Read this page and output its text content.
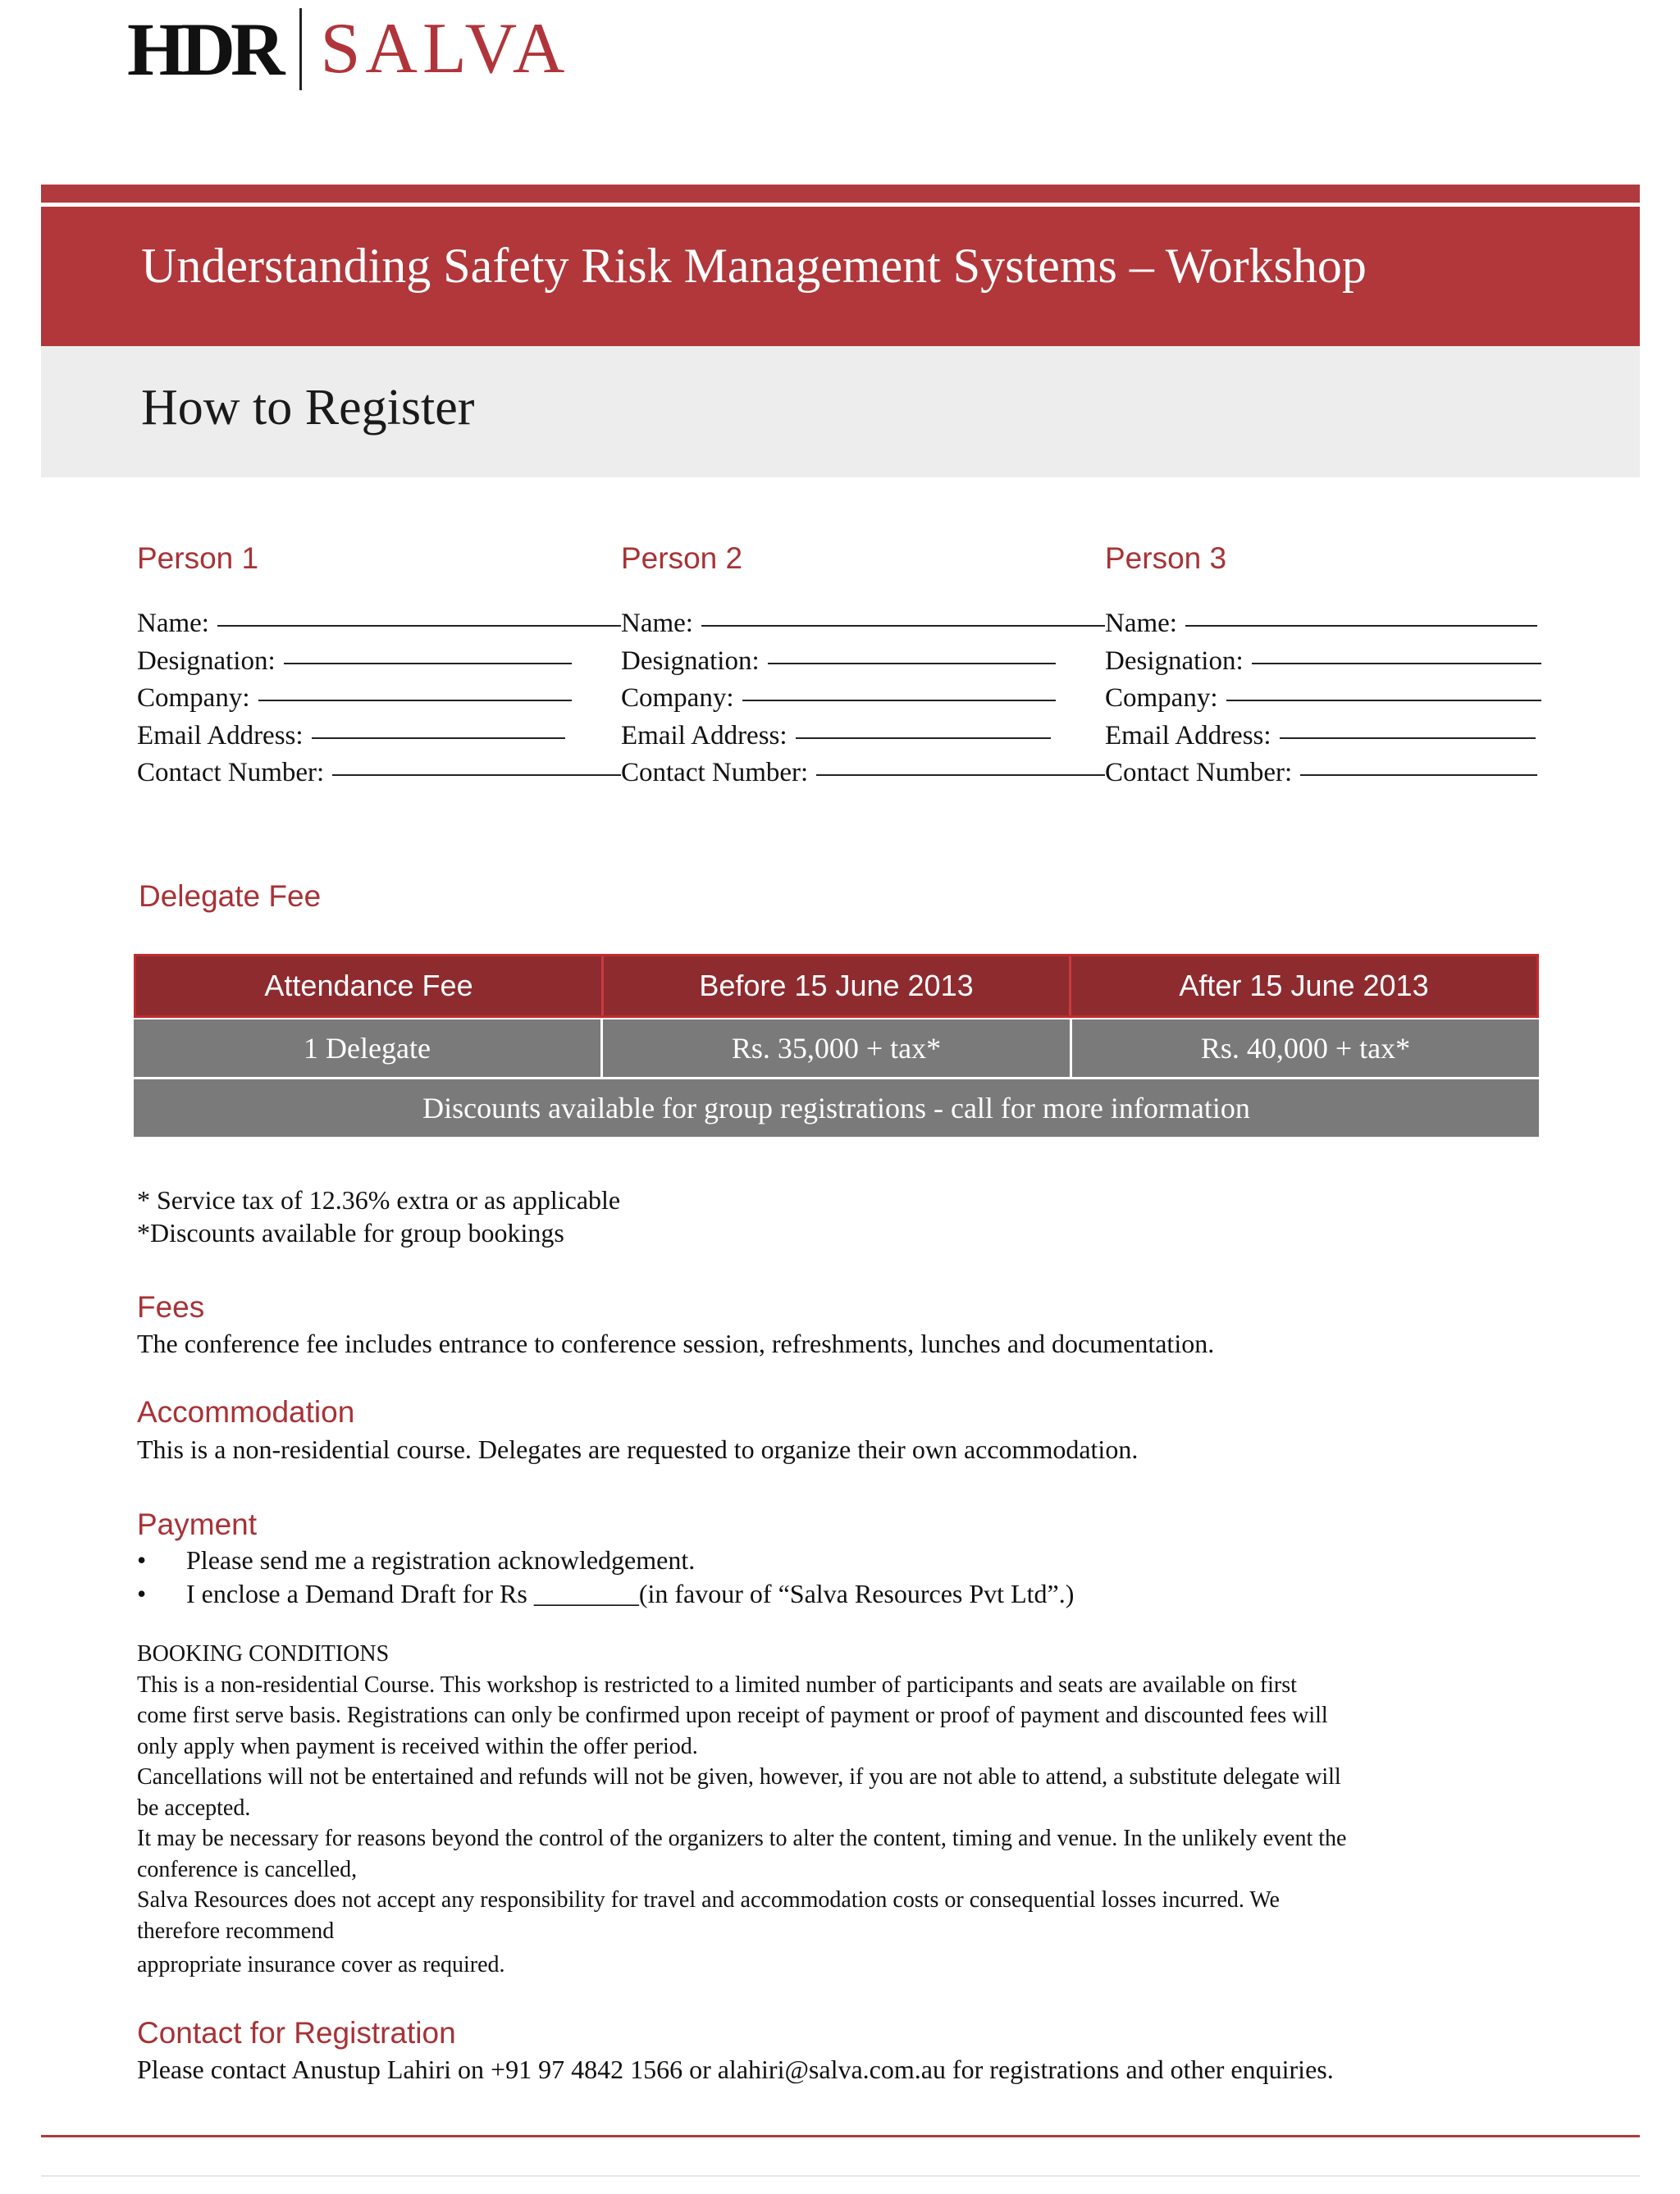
HDR SALVA
Understanding Safety Risk Management Systems – Workshop
How to Register
Person 1
Name:
Designation:
Company:
Email Address:
Contact Number:
Person 2
Name:
Designation:
Company:
Email Address:
Contact Number:
Person 3
Name:
Designation:
Company:
Email Address:
Contact Number:
Delegate Fee
Attendance Fee	Before 15 June 2013	After 15 June 2013
1 Delegate	Rs. 35,000 + tax*	Rs. 40,000 + tax*
Discounts available for group registrations - call for more information
* Service tax of 12.36% extra or as applicable
*Discounts available for group bookings
Fees
The conference fee includes entrance to conference session, refreshments, lunches and documentation.
Accommodation
This is a non-residential course. Delegates are requested to organize their own accommodation.
Payment
•	Please send me a registration acknowledgement.
•	I enclose a Demand Draft for Rs ________(in favour of “Salva Resources Pvt Ltd”.)
BOOKING CONDITIONS
This is a non-residential Course. This workshop is restricted to a limited number of participants and seats are available on first
come first serve basis. Registrations can only be confirmed upon receipt of payment or proof of payment and discounted fees will
only apply when payment is received within the offer period.
Cancellations will not be entertained and refunds will not be given, however, if you are not able to attend, a substitute delegate will
be accepted.
It may be necessary for reasons beyond the control of the organizers to alter the content, timing and venue. In the unlikely event the
conference is cancelled,
Salva Resources does not accept any responsibility for travel and accommodation costs or consequential losses incurred. We
therefore recommend
appropriate insurance cover as required.
Contact for Registration
Please contact Anustup Lahiri on +91 97 4842 1566 or alahiri@salva.com.au for registrations and other enquiries.
